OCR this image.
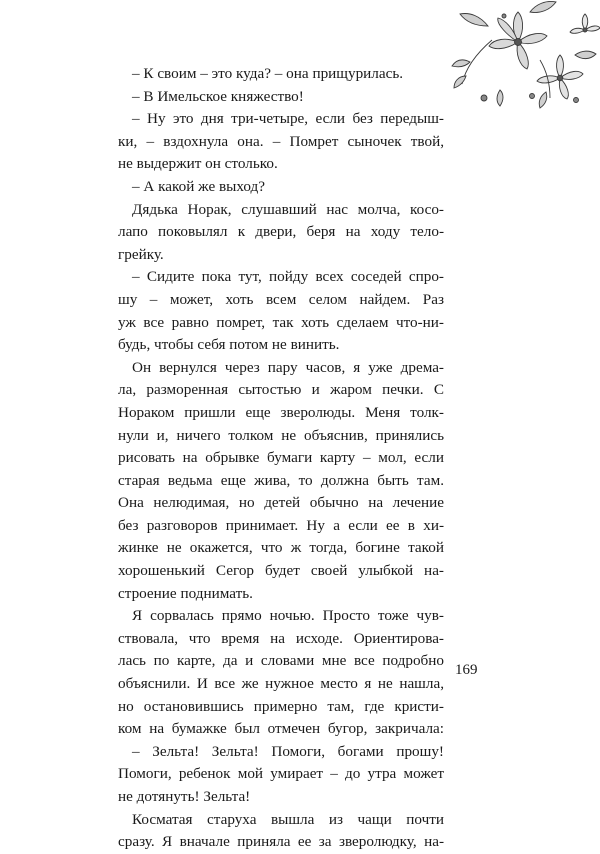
– К своим – это куда? – она прищурилась.
– В Имельское княжество!
– Ну это дня три-четыре, если без передыш-
ки, – вздохнула она. – Помрет сыночек твой,
не выдержит он столько.
– А какой же выход?
Дядька Норак, слушавший нас молча, косо-
лапо поковылял к двери, беря на ходу тело-
грейку.
– Сидите пока тут, пойду всех соседей спро-
шу – может, хоть всем селом найдем. Раз
уж все равно помрет, так хоть сделаем что-ни-
будь, чтобы себя потом не винить.
Он вернулся через пару часов, я уже дрема-
ла, разморенная сытостью и жаром печки. С
Нораком пришли еще зверолюды. Меня толк-
нули и, ничего толком не объяснив, принялись
рисовать на обрывке бумаги карту – мол, если
старая ведьма еще жива, то должна быть там.
Она нелюдимая, но детей обычно на лечение
без разговоров принимает. Ну а если ее в хи-
жинке не окажется, что ж тогда, богине такой
хорошенький Сегор будет своей улыбкой на-
строение поднимать.
Я сорвалась прямо ночью. Просто тоже чув-
ствовала, что время на исходе. Ориентирова-
лась по карте, да и словами мне все подробно
объяснили. И все же нужное место я не нашла,
но остановившись примерно там, где кристи-
ком на бумажке был отмечен бугор, закричала:
– Зельта! Зельта! Помоги, богами прошу!
Помоги, ребенок мой умирает – до утра может
не дотянуть! Зельта!
Косматая старуха вышла из чащи почти
сразу. Я вначале приняла ее за зверолюдку, на-
169
